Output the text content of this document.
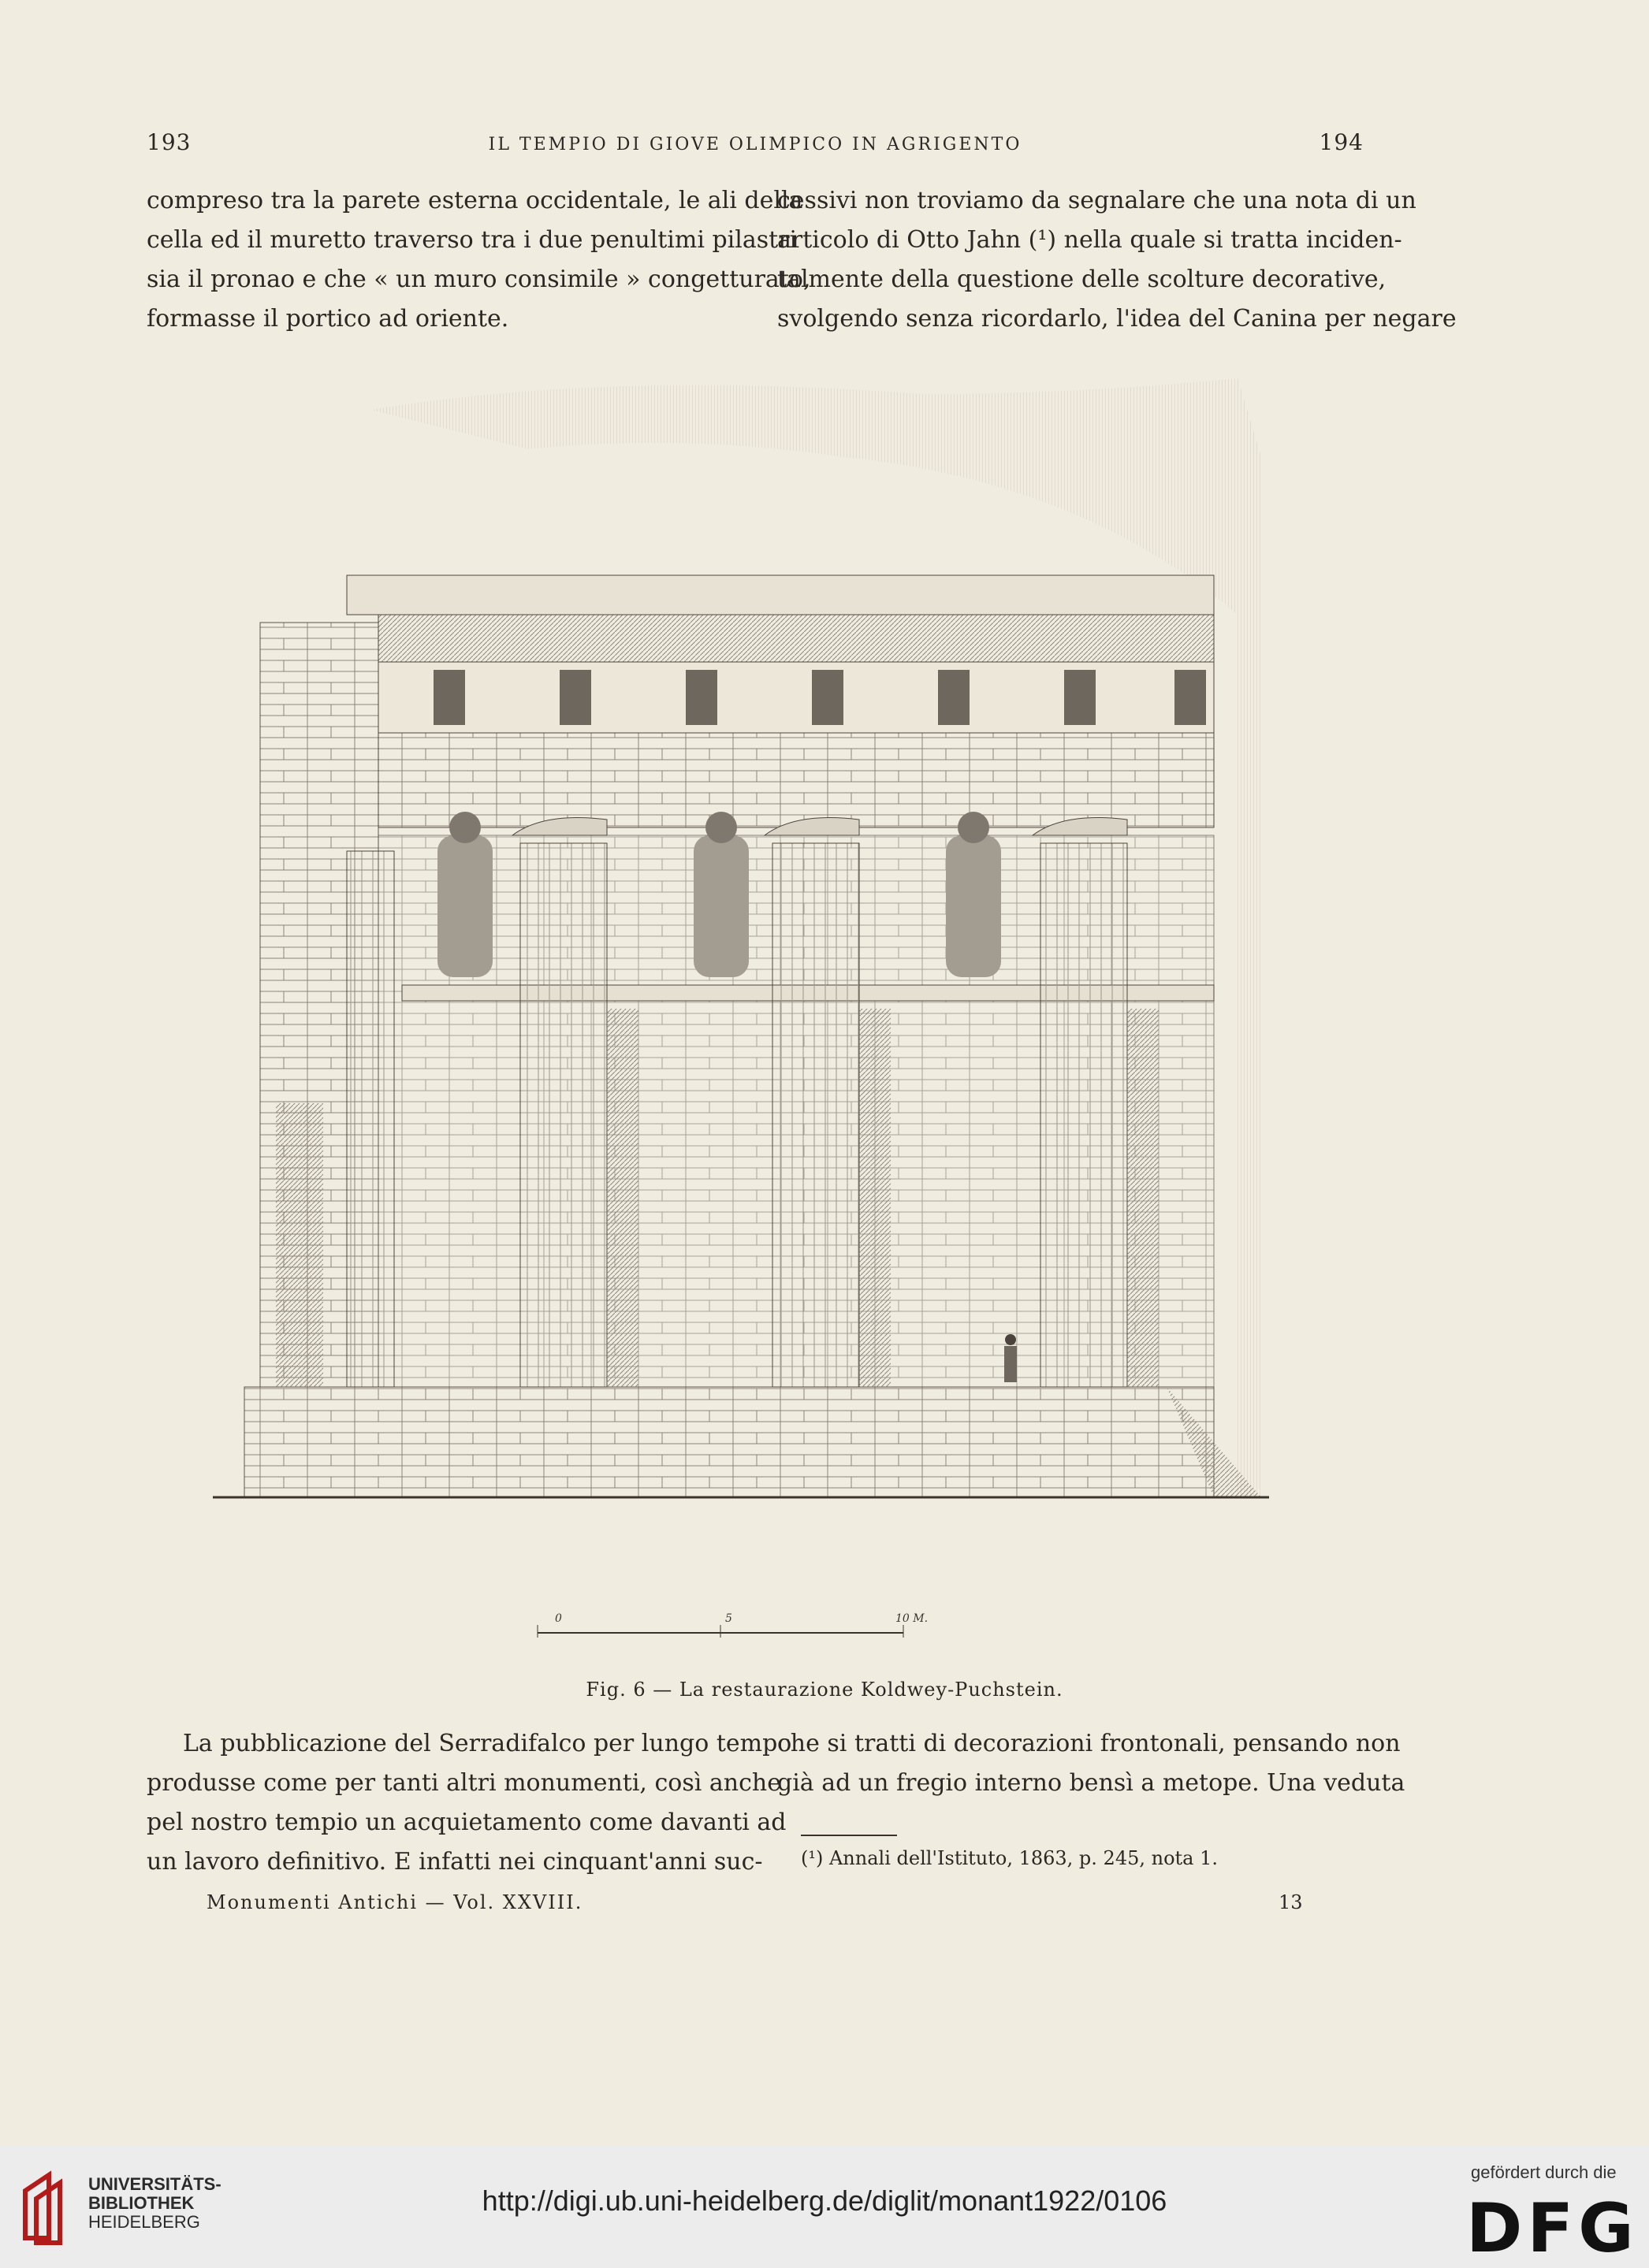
193	IL TEMPIO DI GIOVE OLIMPICO IN AGRIGENTO	194
compreso tra la parete esterna occidentale, le ali della
cella ed il muretto traverso tra i due penultimi pilastri
sia il pronao e che « un muro consimile » congetturato,
formasse il portico ad oriente.
cessivi non troviamo da segnalare che una nota di un
articolo di Otto Jahn (¹) nella quale si tratta inciden-
talmente della questione delle scolture decorative,
svolgendo senza ricordarlo, l'idea del Canina per negare
0	5	10 M.
Fig. 6 — La restaurazione Koldwey-Puchstein.
La pubblicazione del Serradifalco per lungo tempo
produsse come per tanti altri monumenti, così anche
pel nostro tempio un acquietamento come davanti ad
un lavoro definitivo. E infatti nei cinquant'anni suc-
che si tratti di decorazioni frontonali, pensando non
già ad un fregio interno bensì a metope. Una veduta
(¹) Annali dell'Istituto, 1863, p. 245, nota 1.
Monumenti Antichi — Vol. XXVIII.	13
UNIVERSITÄTS-
BIBLIOTHEK
HEIDELBERG
http://digi.ub.uni-heidelberg.de/diglit/monant1922/0106
gefördert durch die
DFG
